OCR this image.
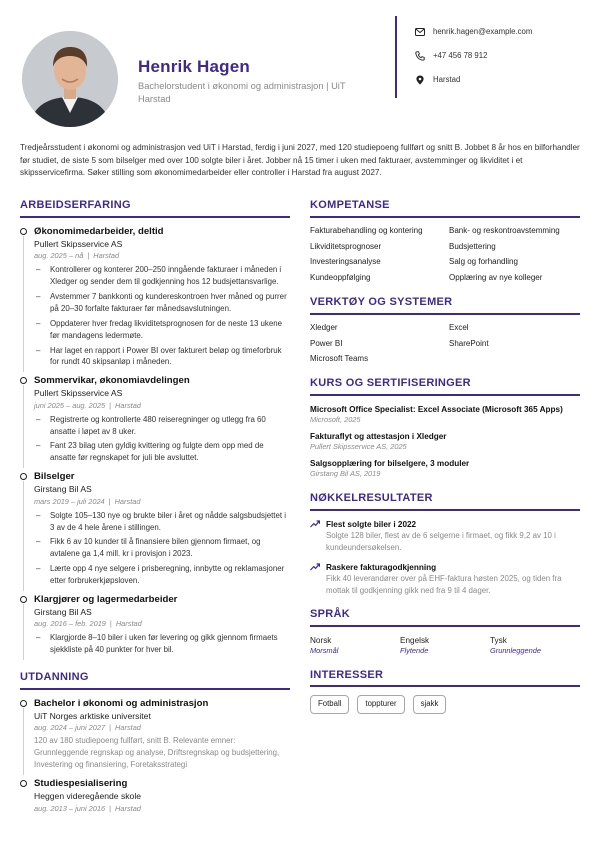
Henrik Hagen
Bachelorstudent i økonomi og administrasjon | UiT Harstad
henrik.hagen@example.com
+47 456 78 912
Harstad
Tredjeårsstudent i økonomi og administrasjon ved UiT i Harstad, ferdig i juni 2027, med 120 studiepoeng fullført og snitt B. Jobbet 8 år hos en bilforhandler før studiet, de siste 5 som bilselger med over 100 solgte biler i året. Jobber nå 15 timer i uken med fakturaer, avstemminger og likviditet i et skipsservicefirma. Søker stilling som økonomimedarbeider eller controller i Harstad fra august 2027.
ARBEIDSERFARING
Økonomimedarbeider, deltid
Pullert Skipsservice AS
aug. 2025 – nå | Harstad
– Kontrollerer og konterer 200–250 inngående fakturaer i måneden i Xledger og sender dem til godkjenning hos 12 budsjettansvarlige.
– Avstemmer 7 bankkonti og kundereskontroen hver måned og purrer på 20–30 forfalte fakturaer før månedsavslutningen.
– Oppdaterer hver fredag likviditetsprognosen for de neste 13 ukene før mandagens ledermøte.
– Har laget en rapport i Power BI over fakturert beløp og timeforbruk for rundt 40 skipsanløp i måneden.
Sommervikar, økonomiavdelingen
Pullert Skipsservice AS
juni 2025 – aug. 2025 | Harstad
– Registrerte og kontrollerte 480 reiseregninger og utlegg fra 60 ansatte i løpet av 8 uker.
– Fant 23 bilag uten gyldig kvittering og fulgte dem opp med de ansatte før regnskapet for juli ble avsluttet.
Bilselger
Girstang Bil AS
mars 2019 – juli 2024 | Harstad
– Solgte 105–130 nye og brukte biler i året og nådde salgsbudsjettet i 3 av de 4 hele årene i stillingen.
– Fikk 6 av 10 kunder til å finansiere bilen gjennom firmaet, og avtalene ga 1,4 mill. kr i provisjon i 2023.
– Lærte opp 4 nye selgere i prisberegning, innbytte og reklamasjoner etter forbrukerkjøpsloven.
Klargjører og lagermedarbeider
Girstang Bil AS
aug. 2016 – feb. 2019 | Harstad
– Klargjorde 8–10 biler i uken før levering og gikk gjennom firmaets sjekkliste på 40 punkter for hver bil.
UTDANNING
Bachelor i økonomi og administrasjon
UiT Norges arktiske universitet
aug. 2024 – juni 2027 | Harstad
120 av 180 studiepoeng fullført, snitt B. Relevante emner: Grunnleggende regnskap og analyse, Driftsregnskap og budsjettering, Investering og finansiering, Foretaksstrategi
Studiespesialisering
Heggen videregående skole
aug. 2013 – juni 2016 | Harstad
KOMPETANSE
Fakturabehandling og kontering	Bank- og reskontroavstemming
Likviditetsprognoser	Budsjettering
Investeringsanalyse	Salg og forhandling
Kundeoppfølging	Opplæring av nye kolleger
VERKTØY OG SYSTEMER
Xledger	Excel
Power BI	SharePoint
Microsoft Teams
KURS OG SERTIFISERINGER
Microsoft Office Specialist: Excel Associate (Microsoft 365 Apps)
Microsoft, 2025
Fakturaflyt og attestasjon i Xledger
Pullert Skipsservice AS, 2025
Salgsopplæring for bilselgere, 3 moduler
Girstang Bil AS, 2019
NØKKELRESULTATER
Flest solgte biler i 2022
Solgte 128 biler, flest av de 6 selgerne i firmaet, og fikk 9,2 av 10 i kundeundersøkelsen.
Raskere fakturagodkjenning
Fikk 40 leverandører over på EHF-faktura høsten 2025, og tiden fra mottak til godkjenning gikk ned fra 9 til 4 dager.
SPRÅK
Norsk
Morsmål
Engelsk
Flytende
Tysk
Grunnleggende
INTERESSER
Fotball	toppturer	sjakk
